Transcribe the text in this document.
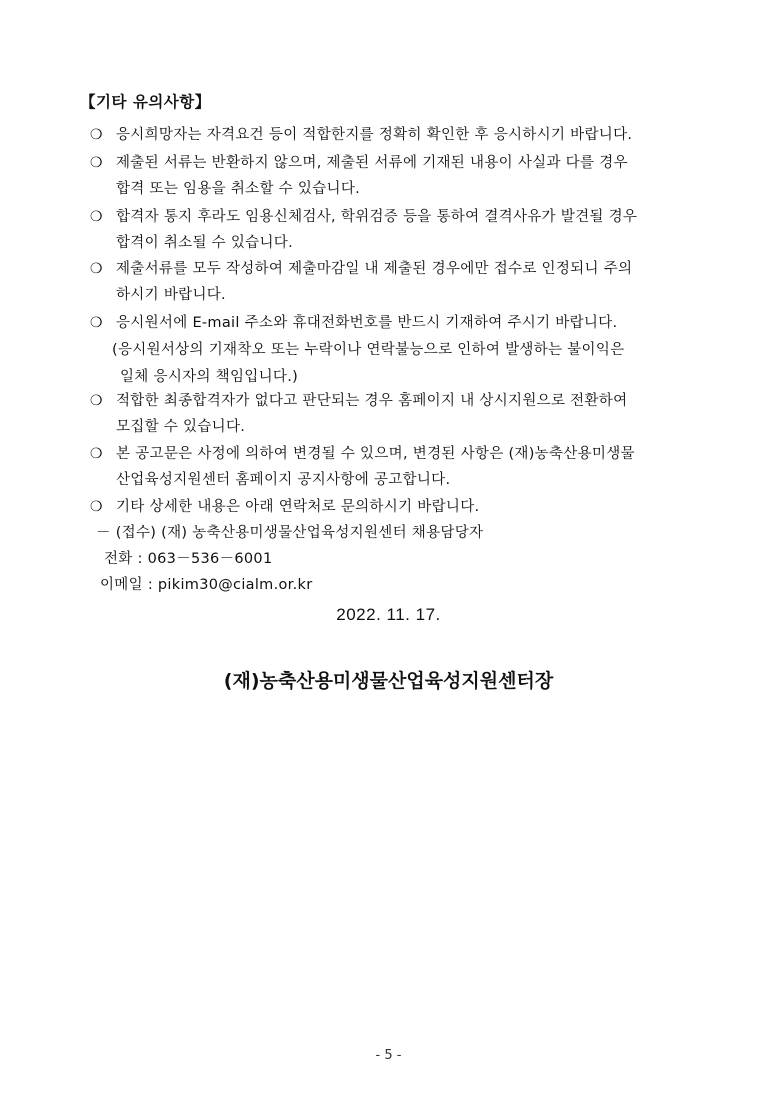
【기타 유의사항】
❍ 응시희망자는 자격요건 등이 적합한지를 정확히 확인한 후 응시하시기 바랍니다.
❍ 제출된 서류는 반환하지 않으며, 제출된 서류에 기재된 내용이 사실과 다를 경우
합격 또는 임용을 취소할 수 있습니다.
❍ 합격자 통지 후라도 임용신체검사, 학위검증 등을 통하여 결격사유가 발견될 경우
합격이 취소될 수 있습니다.
❍ 제출서류를 모두 작성하여 제출마감일 내 제출된 경우에만 접수로 인정되니 주의
하시기 바랍니다.
❍ 응시원서에 E-mail 주소와 휴대전화번호를 반드시 기재하여 주시기 바랍니다.
(응시원서상의 기재착오 또는 누락이나 연락불능으로 인하여 발생하는 불이익은
일체 응시자의 책임입니다.)
❍ 적합한 최종합격자가 없다고 판단되는 경우 홈페이지 내 상시지원으로 전환하여
모집할 수 있습니다.
❍ 본 공고문은 사정에 의하여 변경될 수 있으며, 변경된 사항은 (재)농축산용미생물
산업육성지원센터 홈페이지 공지사항에 공고합니다.
❍ 기타 상세한 내용은 아래 연락처로 문의하시기 바랍니다.
－ (접수) (재) 농축산용미생물산업육성지원센터 채용담당자
전화 : 063－536－6001
이메일 : pikim30@cialm.or.kr
2022. 11. 17.
(재)농축산용미생물산업육성지원센터장
- 5 -
